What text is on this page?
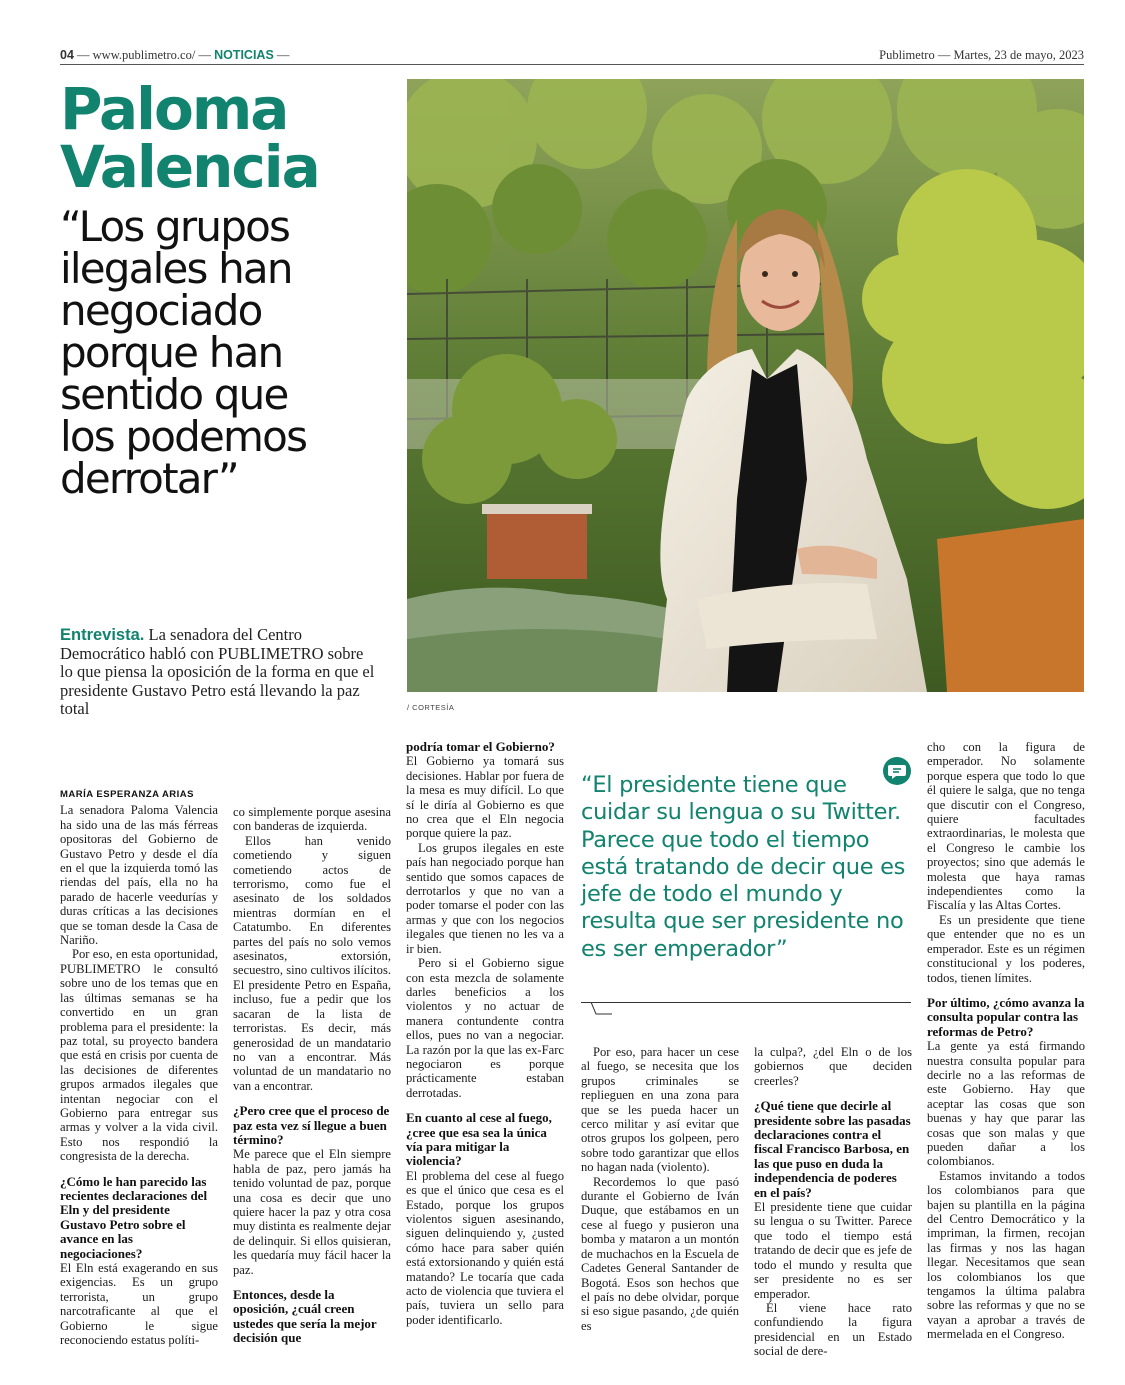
04 — www.publimetro.co/ — NOTICIAS —	Publimetro — Martes, 23 de mayo, 2023
Paloma
Valencia
“Los grupos
ilegales han
negociado
porque han
sentido que
los podemos
derrotar”
Entrevista. La senadora del Centro Democrático habló con PUBLIMETRO sobre lo que piensa la oposición de la forma en que el presidente Gustavo Petro está llevando la paz total	/ CORTESÍA
MARÍA ESPERANZA ARIAS

La senadora Paloma Valencia ha sido una de las más férreas opositoras del Gobierno de Gustavo Petro y desde el día en el que la izquierda tomó las riendas del país, ella no ha parado de hacerle veedurías y duras críticas a las decisiones que se toman desde la Casa de Nariño.

Por eso, en esta oportunidad, PUBLIMETRO le consultó sobre uno de los temas que en las últimas semanas se ha convertido en un gran problema para el presidente: la paz total, su proyecto bandera que está en crisis por cuenta de las decisiones de diferentes grupos armados ilegales que intentan negociar con el Gobierno para entregar sus armas y volver a la vida civil. Esto nos respondió la congresista de la derecha.

¿Cómo le han parecido las recientes declaraciones del Eln y del presidente Gustavo Petro sobre el avance en las negociaciones?

El Eln está exagerando en sus exigencias. Es un grupo terrorista, un grupo narcotraficante al que el Gobierno le sigue reconociendo estatus políti-

co simplemente porque asesina con banderas de izquierda.

Ellos han venido cometiendo y siguen cometiendo actos de terrorismo, como fue el asesinato de los soldados mientras dormían en el Catatumbo. En diferentes partes del país no solo vemos asesinatos, extorsión, secuestro, sino cultivos ilícitos. El presidente Petro en España, incluso, fue a pedir que los sacaran de la lista de terroristas. Es decir, más generosidad de un mandatario no van a encontrar. Más voluntad de un mandatario no van a encontrar.

¿Pero cree que el proceso de paz esta vez sí llegue a buen término?

Me parece que el Eln siempre habla de paz, pero jamás ha tenido voluntad de paz, porque una cosa es decir que uno quiere hacer la paz y otra cosa muy distinta es realmente dejar de delinquir. Si ellos quisieran, les quedaría muy fácil hacer la paz.

Entonces, desde la oposición, ¿cuál creen ustedes que sería la mejor decisión que
podría tomar el Gobierno?

El Gobierno ya tomará sus decisiones. Hablar por fuera de la mesa es muy difícil. Lo que sí le diría al Gobierno es que no crea que el Eln negocia porque quiere la paz.

Los grupos ilegales en este país han negociado porque han sentido que somos capaces de derrotarlos y que no van a poder tomarse el poder con las armas y que con los negocios ilegales que tienen no les va a ir bien.

Pero si el Gobierno sigue con esta mezcla de solamente darles beneficios a los violentos y no actuar de manera contundente contra ellos, pues no van a negociar. La razón por la que las ex-Farc negociaron es porque prácticamente estaban derrotadas.

En cuanto al cese al fuego, ¿cree que esa sea la única vía para mitigar la violencia?

El problema del cese al fuego es que el único que cesa es el Estado, porque los grupos violentos siguen asesinando, siguen delinquiendo y, ¿usted cómo hace para saber quién está extorsionando y quién está matando? Le tocaría que cada acto de violencia que tuviera el país, tuviera un sello para poder identificarlo.

“El presidente tiene que cuidar su lengua o su Twitter. Parece que todo el tiempo está tratando de decir que es jefe de todo el mundo y resulta que ser presidente no es ser emperador”

Por eso, para hacer un cese al fuego, se necesita que los grupos criminales se replieguen en una zona para que se les pueda hacer un cerco militar y así evitar que otros grupos los golpeen, pero sobre todo garantizar que ellos no hagan nada (violento).

Recordemos lo que pasó durante el Gobierno de Iván Duque, que estábamos en un cese al fuego y pusieron una bomba y mataron a un montón de muchachos en la Escuela de Cadetes General Santander de Bogotá. Esos son hechos que el país no debe olvidar, porque si eso sigue pasando, ¿de quién es

la culpa?, ¿del Eln o de los gobiernos que deciden creerles?

¿Qué tiene que decirle al presidente sobre las pasadas declaraciones contra el fiscal Francisco Barbosa, en las que puso en duda la independencia de poderes en el país?

El presidente tiene que cuidar su lengua o su Twitter. Parece que todo el tiempo está tratando de decir que es jefe de todo el mundo y resulta que ser presidente no es ser emperador.

Él viene hace rato confundiendo la figura presidencial en un Estado social de dere-

cho con la figura de emperador. No solamente porque espera que todo lo que él quiere le salga, que no tenga que discutir con el Congreso, quiere facultades extraordinarias, le molesta que el Congreso le cambie los proyectos; sino que además le molesta que haya ramas independientes como la Fiscalía y las Altas Cortes.

Es un presidente que tiene que entender que no es un emperador. Este es un régimen constitucional y los poderes, todos, tienen límites.

Por último, ¿cómo avanza la consulta popular contra las reformas de Petro?

La gente ya está firmando nuestra consulta popular para decirle no a las reformas de este Gobierno. Hay que aceptar las cosas que son buenas y hay que parar las cosas que son malas y que pueden dañar a los colombianos.

Estamos invitando a todos los colombianos para que bajen su plantilla en la página del Centro Democrático y la impriman, la firmen, recojan las firmas y nos las hagan llegar. Necesitamos que sean los colombianos los que tengamos la última palabra sobre las reformas y que no se vayan a aprobar a través de mermelada en el Congreso.
